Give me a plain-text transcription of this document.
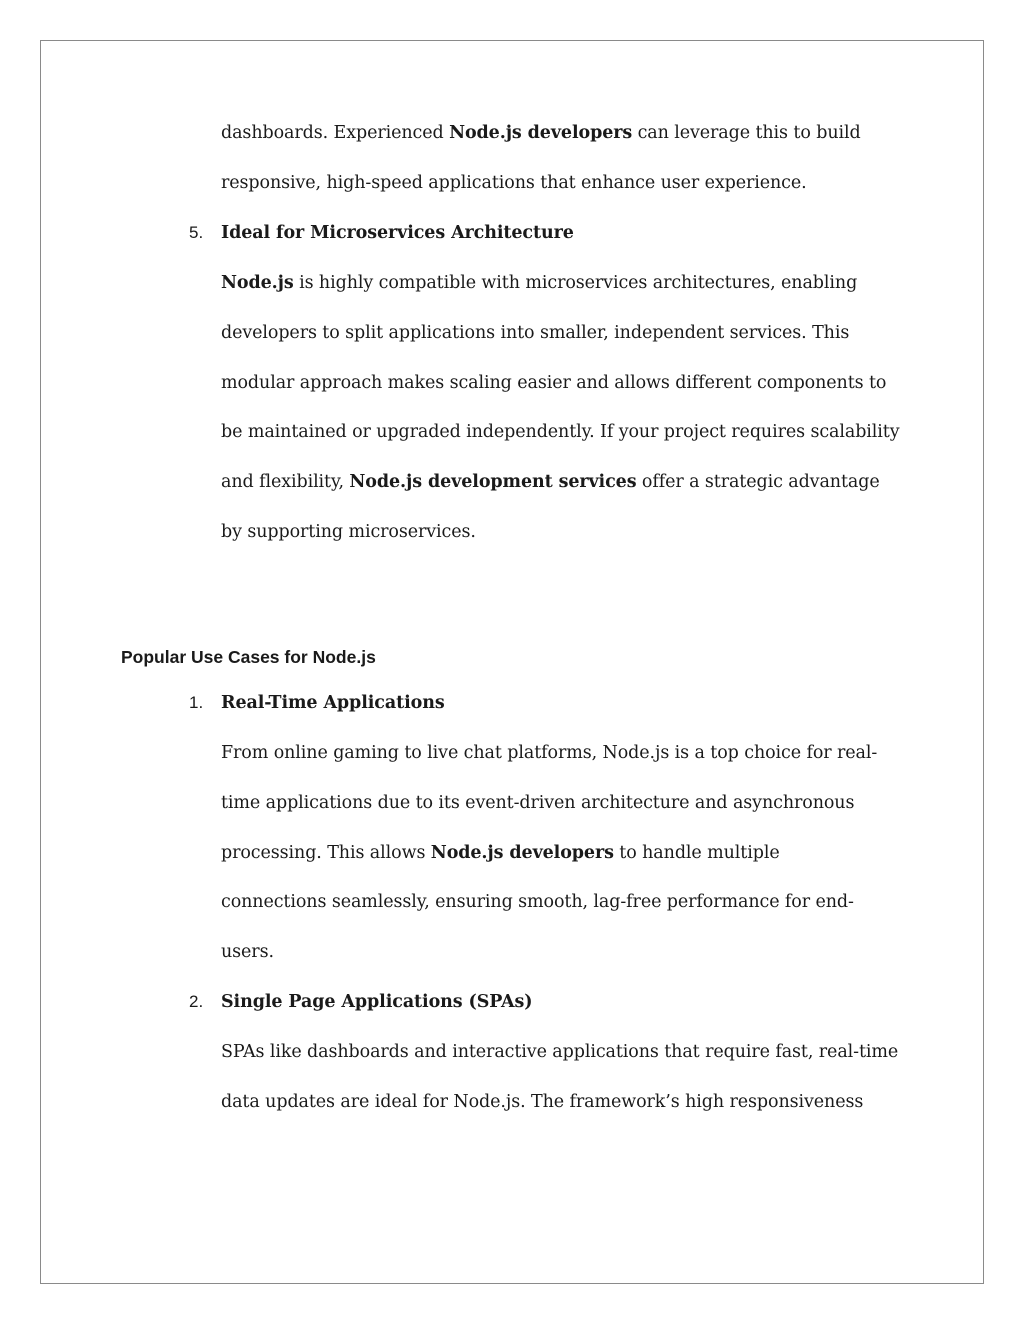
dashboards. Experienced Node.js developers can leverage this to build
responsive, high-speed applications that enhance user experience.
5. Ideal for Microservices Architecture
Node.js is highly compatible with microservices architectures, enabling
developers to split applications into smaller, independent services. This
modular approach makes scaling easier and allows different components to
be maintained or upgraded independently. If your project requires scalability
and flexibility, Node.js development services offer a strategic advantage
by supporting microservices.
Popular Use Cases for Node.js
1. Real-Time Applications
From online gaming to live chat platforms, Node.js is a top choice for real-
time applications due to its event-driven architecture and asynchronous
processing. This allows Node.js developers to handle multiple
connections seamlessly, ensuring smooth, lag-free performance for end-
users.
2. Single Page Applications (SPAs)
SPAs like dashboards and interactive applications that require fast, real-time
data updates are ideal for Node.js. The framework’s high responsiveness
